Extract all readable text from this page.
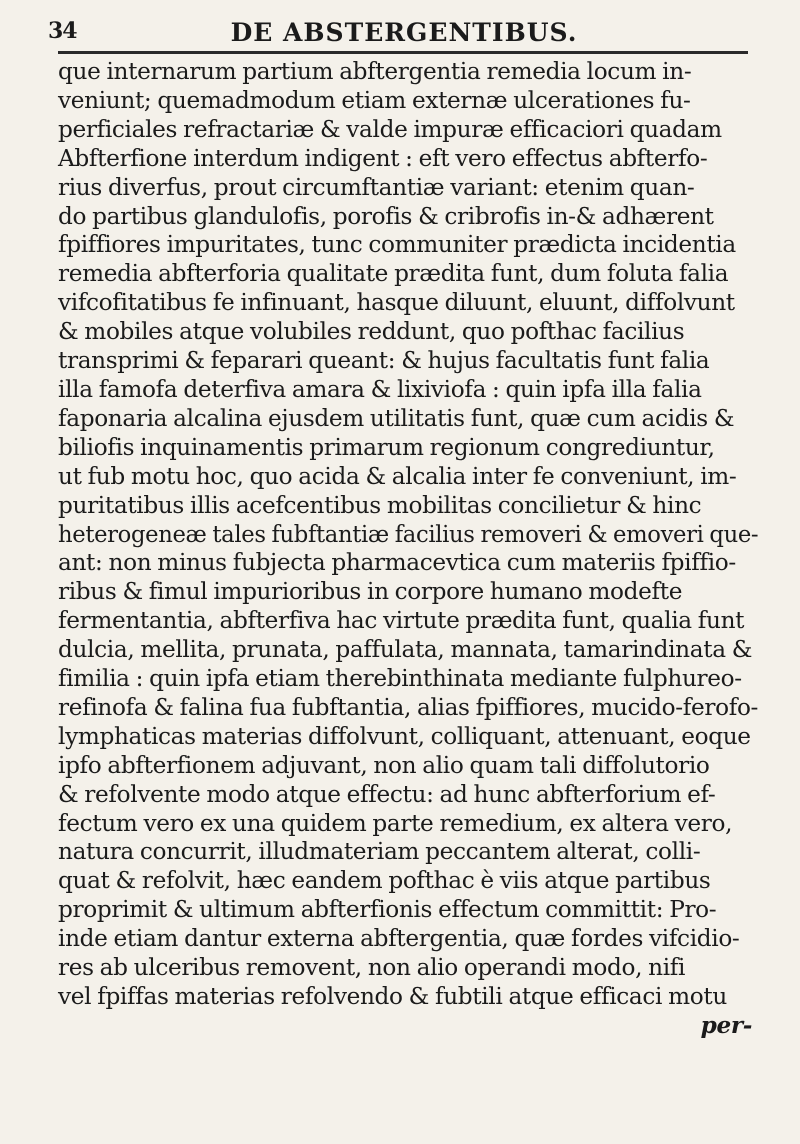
34	DE ABSTERGENTIBUS.
que internarum partium abftergentia remedia locum in-
veniunt; quemadmodum etiam externæ ulcerationes fu-
perficiales refractariæ & valde impuræ efficaciori quadam
Abfterfione interdum indigent : eft vero effectus abfterfo-
rius diverfus, prout circumftantiæ variant: etenim quan-
do partibus glandulofis, porofis & cribrofis in-& adhærent
fpiffiores impuritates, tunc communiter prædicta incidentia
remedia abfterforia qualitate prædita funt, dum foluta falia
vifcofitatibus fe infinuant, hasque diluunt, eluunt, diffolvunt
& mobiles atque volubiles reddunt, quo pofthac facilius
transprimi & feparari queant: & hujus facultatis funt falia
illa famofa deterfiva amara & lixiviofa : quin ipfa illa falia
faponaria alcalina ejusdem utilitatis funt, quæ cum acidis &
biliofis inquinamentis primarum regionum congrediuntur,
ut fub motu hoc, quo acida & alcalia inter fe conveniunt, im-
puritatibus illis acefcentibus mobilitas concilietur & hinc
heterogeneæ tales fubftantiæ facilius removeri & emoveri que-
ant: non minus fubjecta pharmacevtica cum materiis fpiffio-
ribus & fimul impurioribus in corpore humano modefte
fermentantia, abfterfiva hac virtute prædita funt, qualia funt
dulcia, mellita, prunata, paffulata, mannata, tamarindinata &
fimilia : quin ipfa etiam therebinthinata mediante fulphureo-
refinofa & falina fua fubftantia, alias fpiffiores, mucido-ferofo-
lymphaticas materias diffolvunt, colliquant, attenuant, eoque
ipfo abfterfionem adjuvant, non alio quam tali diffolutorio
& refolvente modo atque effectu: ad hunc abfterforium ef-
fectum vero ex una quidem parte remedium, ex altera vero,
natura concurrit, illudmateriam peccantem alterat, colli-
quat & refolvit, hæc eandem pofthac è viis atque partibus
proprimit & ultimum abfterfionis effectum committit: Pro-
inde etiam dantur externa abftergentia, quæ fordes vifcidio-
res ab ulceribus removent, non alio operandi modo, nifi
vel fpiffas materias refolvendo & fubtili atque efficaci motu
per-
